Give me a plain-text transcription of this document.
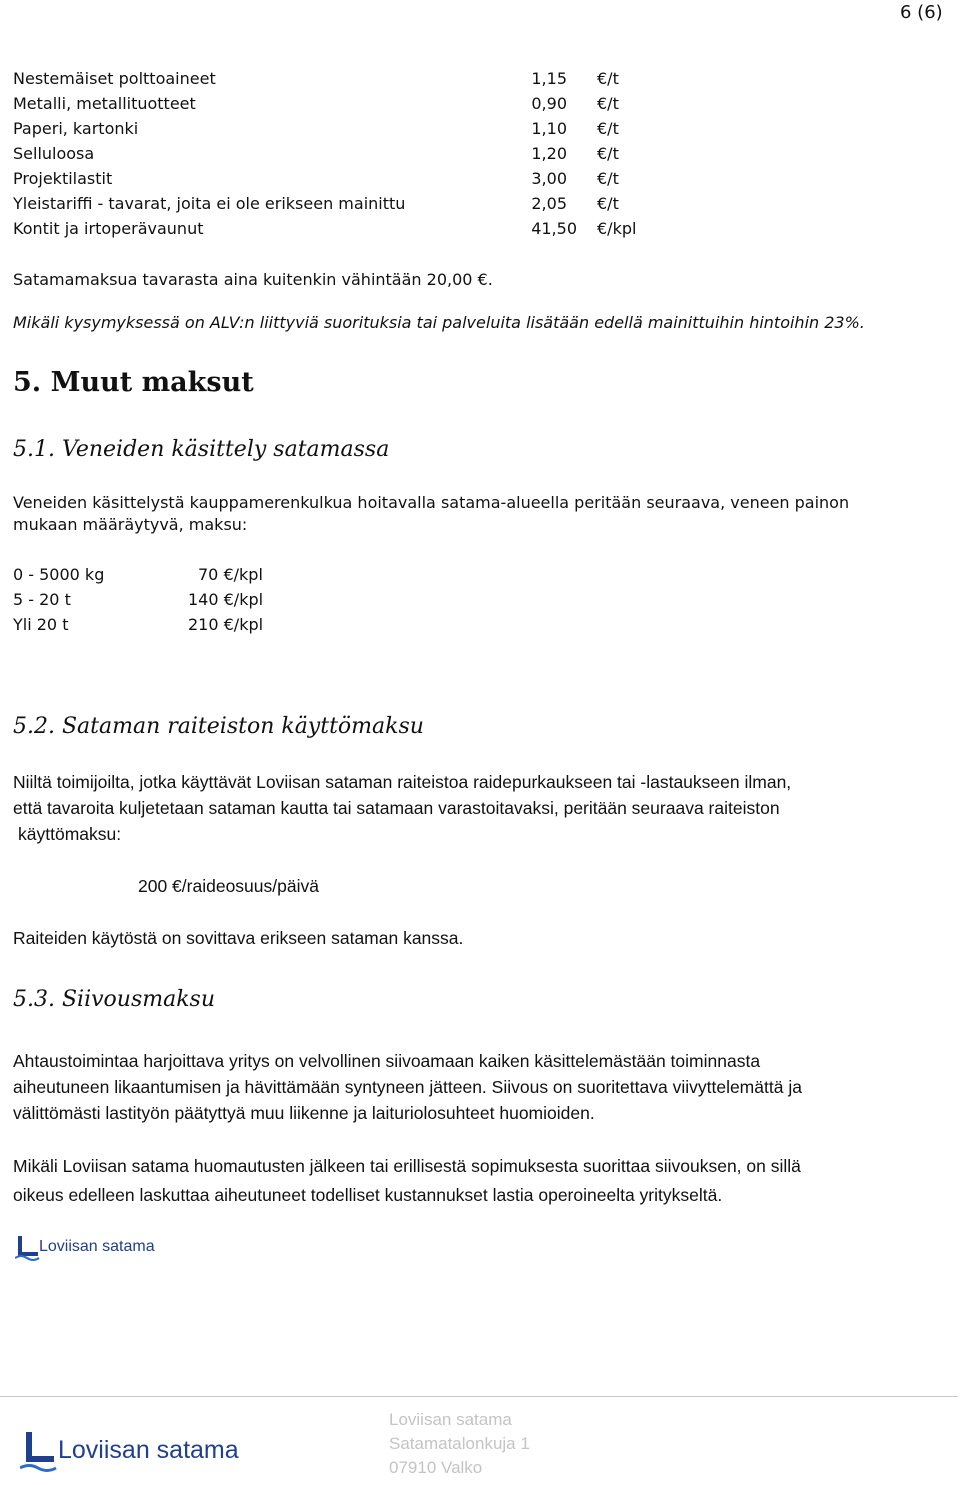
6 (6)
Nestemäiset polttoaineet	1,15 €/t
Metalli, metallituotteet	0,90 €/t
Paperi, kartonki	1,10 €/t
Selluloosa	1,20 €/t
Projektilastit	3,00 €/t
Yleistariffi - tavarat, joita ei ole erikseen mainittu	2,05 €/t
Kontit ja irtoperävaunut	41,50 €/kpl
Satamamaksua tavarasta aina kuitenkin vähintään 20,00 €.
Mikäli kysymyksessä on ALV:n liittyviä suorituksia tai palveluita lisätään edellä mainittuihin hintoihin 23%.
5. Muut maksut
5.1. Veneiden käsittely satamassa
Veneiden käsittelystä kauppamerenkulkua hoitavalla satama-alueella peritään seuraava, veneen painon
mukaan määräytyvä, maksu:
0 - 5000 kg	70 €/kpl
5 - 20 t	140 €/kpl
Yli 20 t	210 €/kpl
5.2. Sataman raiteiston käyttömaksu
Niiltä toimijoilta, jotka käyttävät Loviisan sataman raiteistoa raidepurkaukseen tai -lastaukseen ilman,
että tavaroita kuljetetaan sataman kautta tai satamaan varastoitavaksi, peritään seuraava raiteiston
käyttömaksu:
200 €/raideosuus/päivä
Raiteiden käytöstä on sovittava erikseen sataman kanssa.
5.3. Siivousmaksu
Ahtaustoimintaa harjoittava yritys on velvollinen siivoamaan kaiken käsittelemästään toiminnasta
aiheutuneen likaantumisen ja hävittämään syntyneen jätteen. Siivous on suoritettava viivyttelemättä ja
välittömästi lastityön päätyttyä muu liikenne ja laituriolosuhteet huomioiden.
Mikäli Loviisan satama huomautusten jälkeen tai erillisestä sopimuksesta suorittaa siivouksen, on sillä
oikeus edelleen laskuttaa aiheutuneet todelliset kustannukset lastia operoineelta yritykseltä.
Loviisan satama
Loviisan satama
Loviisan satama
Satamatalonkuja 1
07910 Valko
